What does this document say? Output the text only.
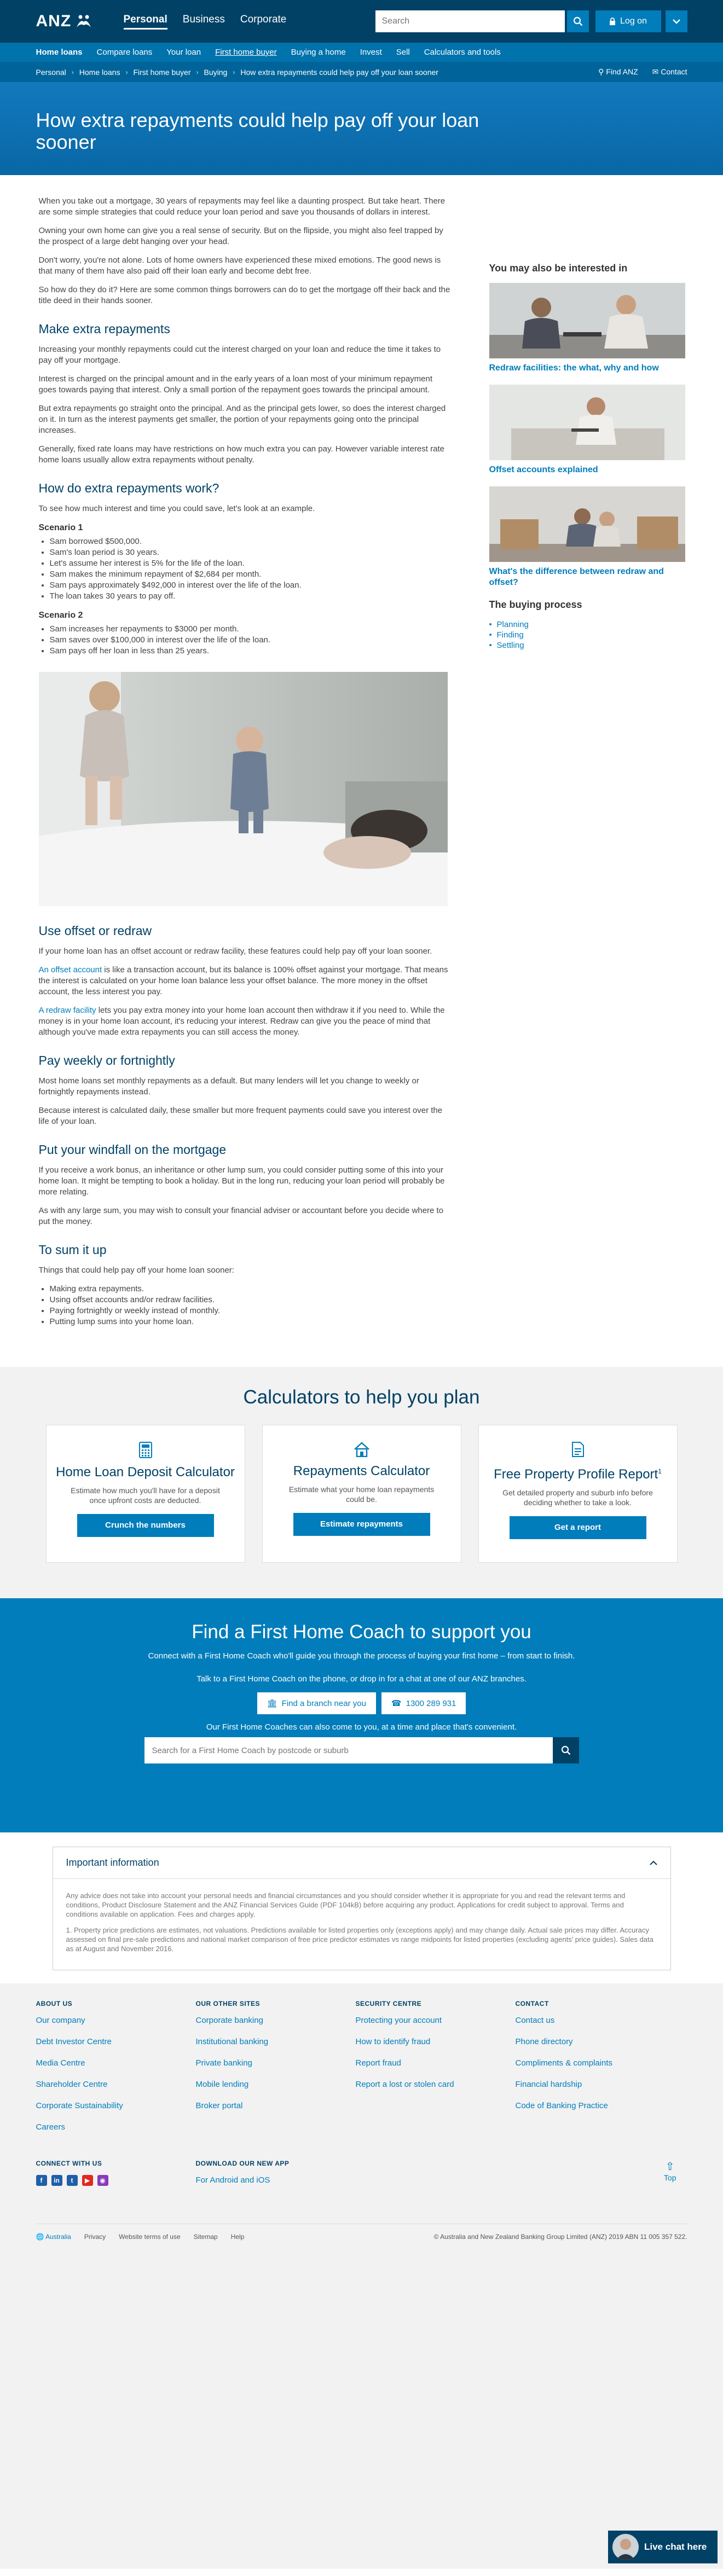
ANZ	Personal Business Corporate
Search	Log on
Home loans Compare loans Your loan First home buyer Buying a home Invest Sell Calculators and tools
Personal › Home loans › First home buyer › Buying › How extra repayments could help pay off your loan sooner	⚲ Find ANZ ✉ Contact
How extra repayments could help pay off your loan sooner

When you take out a mortgage, 30 years of repayments may feel like a daunting prospect. But take heart. There are some simple strategies that could reduce your loan period and save you thousands of dollars in interest.

Owning your own home can give you a real sense of security. But on the flipside, you might also feel trapped by the prospect of a large debt hanging over your head.

Don't worry, you're not alone. Lots of home owners have experienced these mixed emotions. The good news is that many of them have also paid off their loan early and become debt free.

So how do they do it? Here are some common things borrowers can do to get the mortgage off their back and the title deed in their hands sooner.

Make extra repayments

Increasing your monthly repayments could cut the interest charged on your loan and reduce the time it takes to pay off your mortgage.

Interest is charged on the principal amount and in the early years of a loan most of your minimum repayment goes towards paying that interest. Only a small portion of the repayment goes towards the principal amount.

But extra repayments go straight onto the principal. And as the principal gets lower, so does the interest charged on it. In turn as the interest payments get smaller, the portion of your repayments going onto the principal increases.

Generally, fixed rate loans may have restrictions on how much extra you can pay. However variable interest rate home loans usually allow extra repayments without penalty.

How do extra repayments work?

To see how much interest and time you could save, let's look at an example.

Scenario 1
• Sam borrowed $500,000.
• Sam's loan period is 30 years.
• Let's assume her interest is 5% for the life of the loan.
• Sam makes the minimum repayment of $2,684 per month.
• Sam pays approximately $492,000 in interest over the life of the loan.
• The loan takes 30 years to pay off.
Scenario 2
• Sam increases her repayments to $3000 per month.
• Sam saves over $100,000 in interest over the life of the loan.
• Sam pays off her loan in less than 25 years.
Use offset or redraw

If your home loan has an offset account or redraw facility, these features could help pay off your loan sooner.

An offset account is like a transaction account, but its balance is 100% offset against your mortgage. That means the interest is calculated on your home loan balance less your offset balance. The more money in the offset account, the less interest you pay.

A redraw facility lets you pay extra money into your home loan account then withdraw it if you need to. While the money is in your home loan account, it's reducing your interest. Redraw can give you the peace of mind that although you've made extra repayments you can still access the money.

Pay weekly or fortnightly

Most home loans set monthly repayments as a default. But many lenders will let you change to weekly or fortnightly repayments instead.

Because interest is calculated daily, these smaller but more frequent payments could save you interest over the life of your loan.

Put your windfall on the mortgage

If you receive a work bonus, an inheritance or other lump sum, you could consider putting some of this into your home loan. It might be tempting to book a holiday. But in the long run, reducing your loan period will probably be more relating.

As with any large sum, you may wish to consult your financial adviser or accountant before you decide where to put the money.

To sum it up

Things that could help pay off your home loan sooner:

• Making extra repayments.
• Using offset accounts and/or redraw facilities.
• Paying fortnightly or weekly instead of monthly.
• Putting lump sums into your home loan.
You may also be interested in
Redraw facilities: the what, why and how
Offset accounts explained
What's the difference between redraw and offset?
The buying process
• Planning
• Finding
• Settling
Calculators to help you plan
Home Loan Deposit Calculator

Estimate how much you'll have for a deposit once upfront costs are deducted.

Crunch the numbers
Repayments Calculator

Estimate what your home loan repayments could be.

Estimate repayments
Free Property Profile Report$^1$

Get detailed property and suburb info before deciding whether to take a look.

Get a report
Find a First Home Coach to support you

Connect with a First Home Coach who'll guide you through the process of buying your first home – from start to finish.

Talk to a First Home Coach on the phone, or drop in for a chat at one of our ANZ branches.

🏛 Find a branch near you	☎ 1300 289 931

Our First Home Coaches can also come to you, at a time and place that's convenient.

Search for a First Home Coach by postcode or suburb
Important information

Any advice does not take into account your personal needs and financial circumstances and you should consider whether it is appropriate for you and read the relevant terms and conditions, Product Disclosure Statement and the ANZ Financial Services Guide (PDF 104kB) before acquiring any product. Applications for credit subject to approval. Terms and conditions available on application. Fees and charges apply.

1. Property price predictions are estimates, not valuations. Predictions available for listed properties only (exceptions apply) and may change daily. Actual sale prices may differ. Accuracy assessed on final pre-sale predictions and national market comparison of free price predictor estimates vs range midpoints for listed properties (excluding agents' price guides). Sales data as at August and November 2016.

ABOUT US
Our company
Debt Investor Centre
Media Centre
Shareholder Centre
Corporate Sustainability
Careers
OUR OTHER SITES
Corporate banking
Institutional banking
Private banking
Mobile lending
Broker portal
SECURITY CENTRE
Protecting your account
How to identify fraud
Report fraud
Report a lost or stolen card
CONTACT
Contact us
Phone directory
Compliments & complaints
Financial hardship
Code of Banking Practice
CONNECT WITH US
f	in	t	▶	◉
DOWNLOAD OUR NEW APP
For Android and iOS
⇧
Top
🌐 Australia Privacy Website terms of use Sitemap Help	© Australia and New Zealand Banking Group Limited (ANZ) 2019 ABN 11 005 357 522.
Live chat here
